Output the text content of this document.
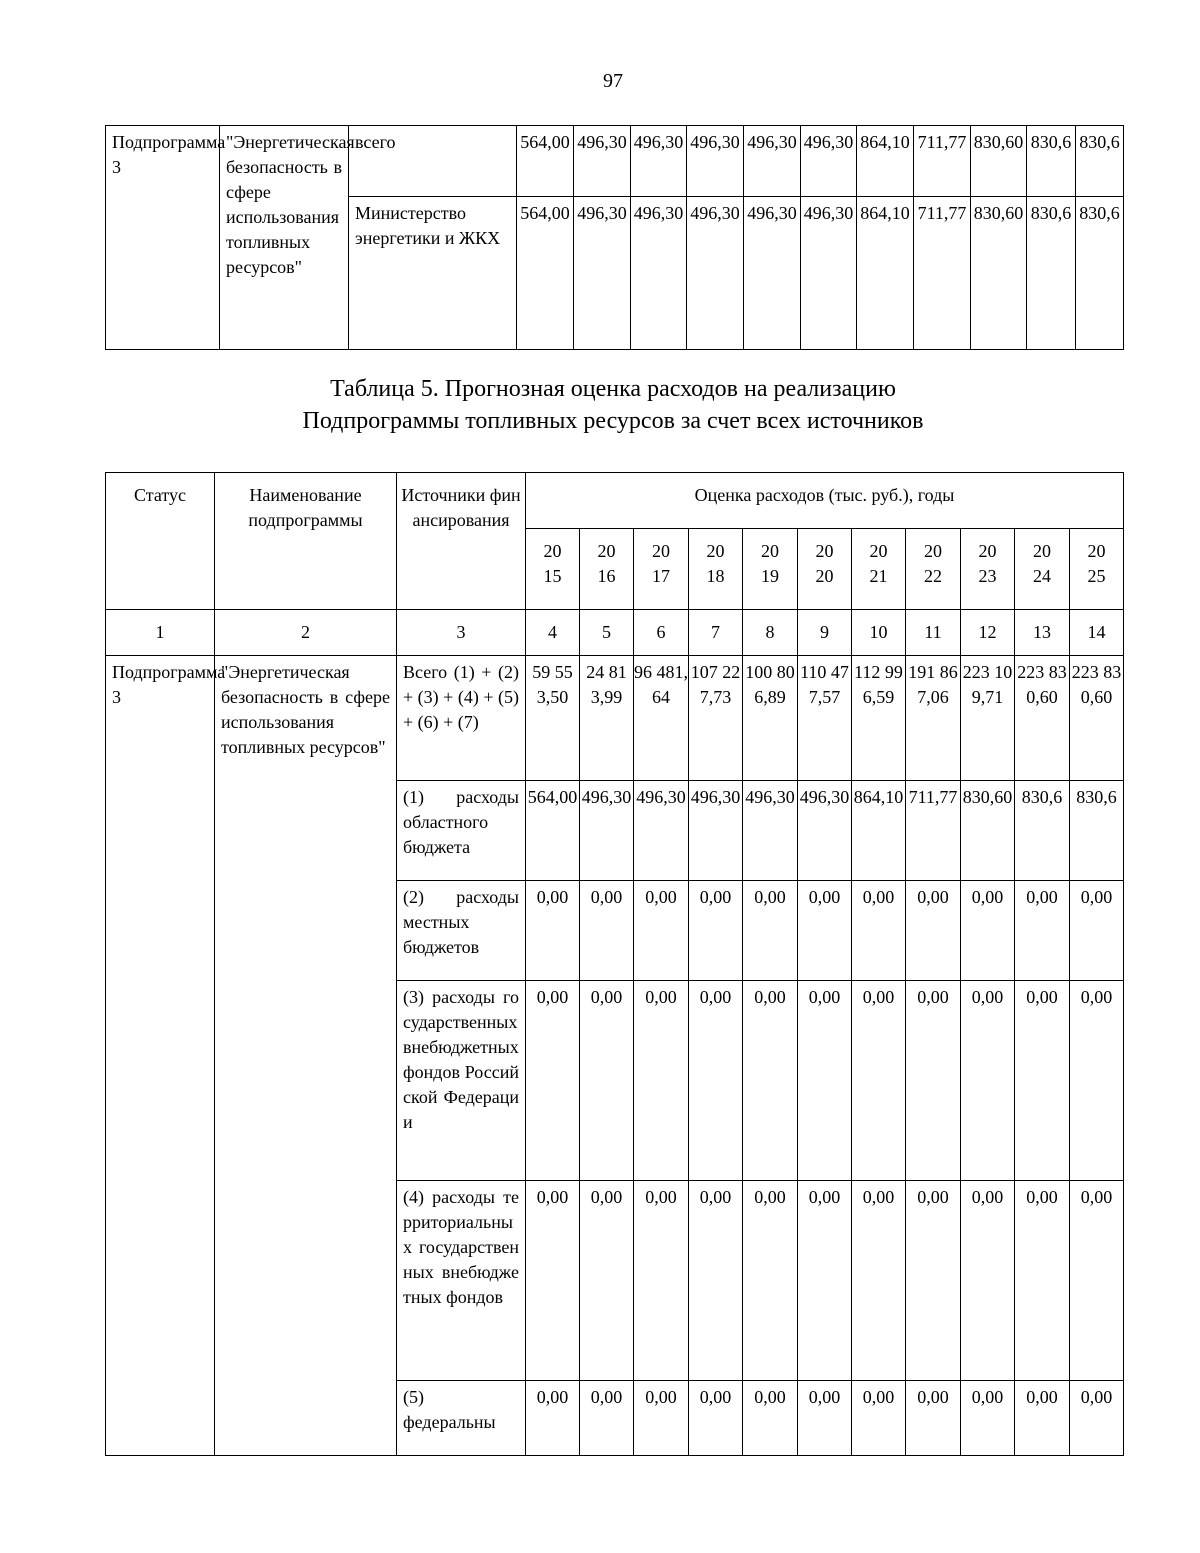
97
Подпрограмма 3	"Энергетическая безопасность в сфере использования топливных ресурсов"	всего	564,00	496,30	496,30	496,30	496,30	496,30	864,10	711,77	830,60	830,6	830,6
		Министерство энергетики и ЖКХ	564,00	496,30	496,30	496,30	496,30	496,30	864,10	711,77	830,60	830,6	830,6
Таблица 5. Прогнозная оценка расходов на реализацию
Подпрограммы топливных ресурсов за счет всех источников
Статус	Наименование подпрограммы	Источники финансирования	Оценка расходов (тыс. руб.), годы										
			2015	2016	2017	2018	2019	2020	2021	2022	2023	2024	2025
1	2	3	4	5	6	7	8	9	10	11	12	13	14
Подпрограмма 3	"Энергетическая безопасность в сфере использования топливных ресурсов"	Всего (1) + (2) + (3) + (4) + (5) + (6) + (7)	59 553,50	24 813,99	96 481,64	107 227,73	100 806,89	110 477,57	112 996,59	191 867,06	223 109,71	223 830,60	223 830,60
		(1) расходы областного бюджета	564,00	496,30	496,30	496,30	496,30	496,30	864,10	711,77	830,60	830,6	830,6
		(2) расходы местных бюджетов	0,00	0,00	0,00	0,00	0,00	0,00	0,00	0,00	0,00	0,00	0,00
		(3) расходы государственных внебюджетных фондов Российской Федерации	0,00	0,00	0,00	0,00	0,00	0,00	0,00	0,00	0,00	0,00	0,00
		(4) расходы территориальных государственных внебюджетных фондов	0,00	0,00	0,00	0,00	0,00	0,00	0,00	0,00	0,00	0,00	0,00
		(5) федеральны	0,00	0,00	0,00	0,00	0,00	0,00	0,00	0,00	0,00	0,00	0,00
